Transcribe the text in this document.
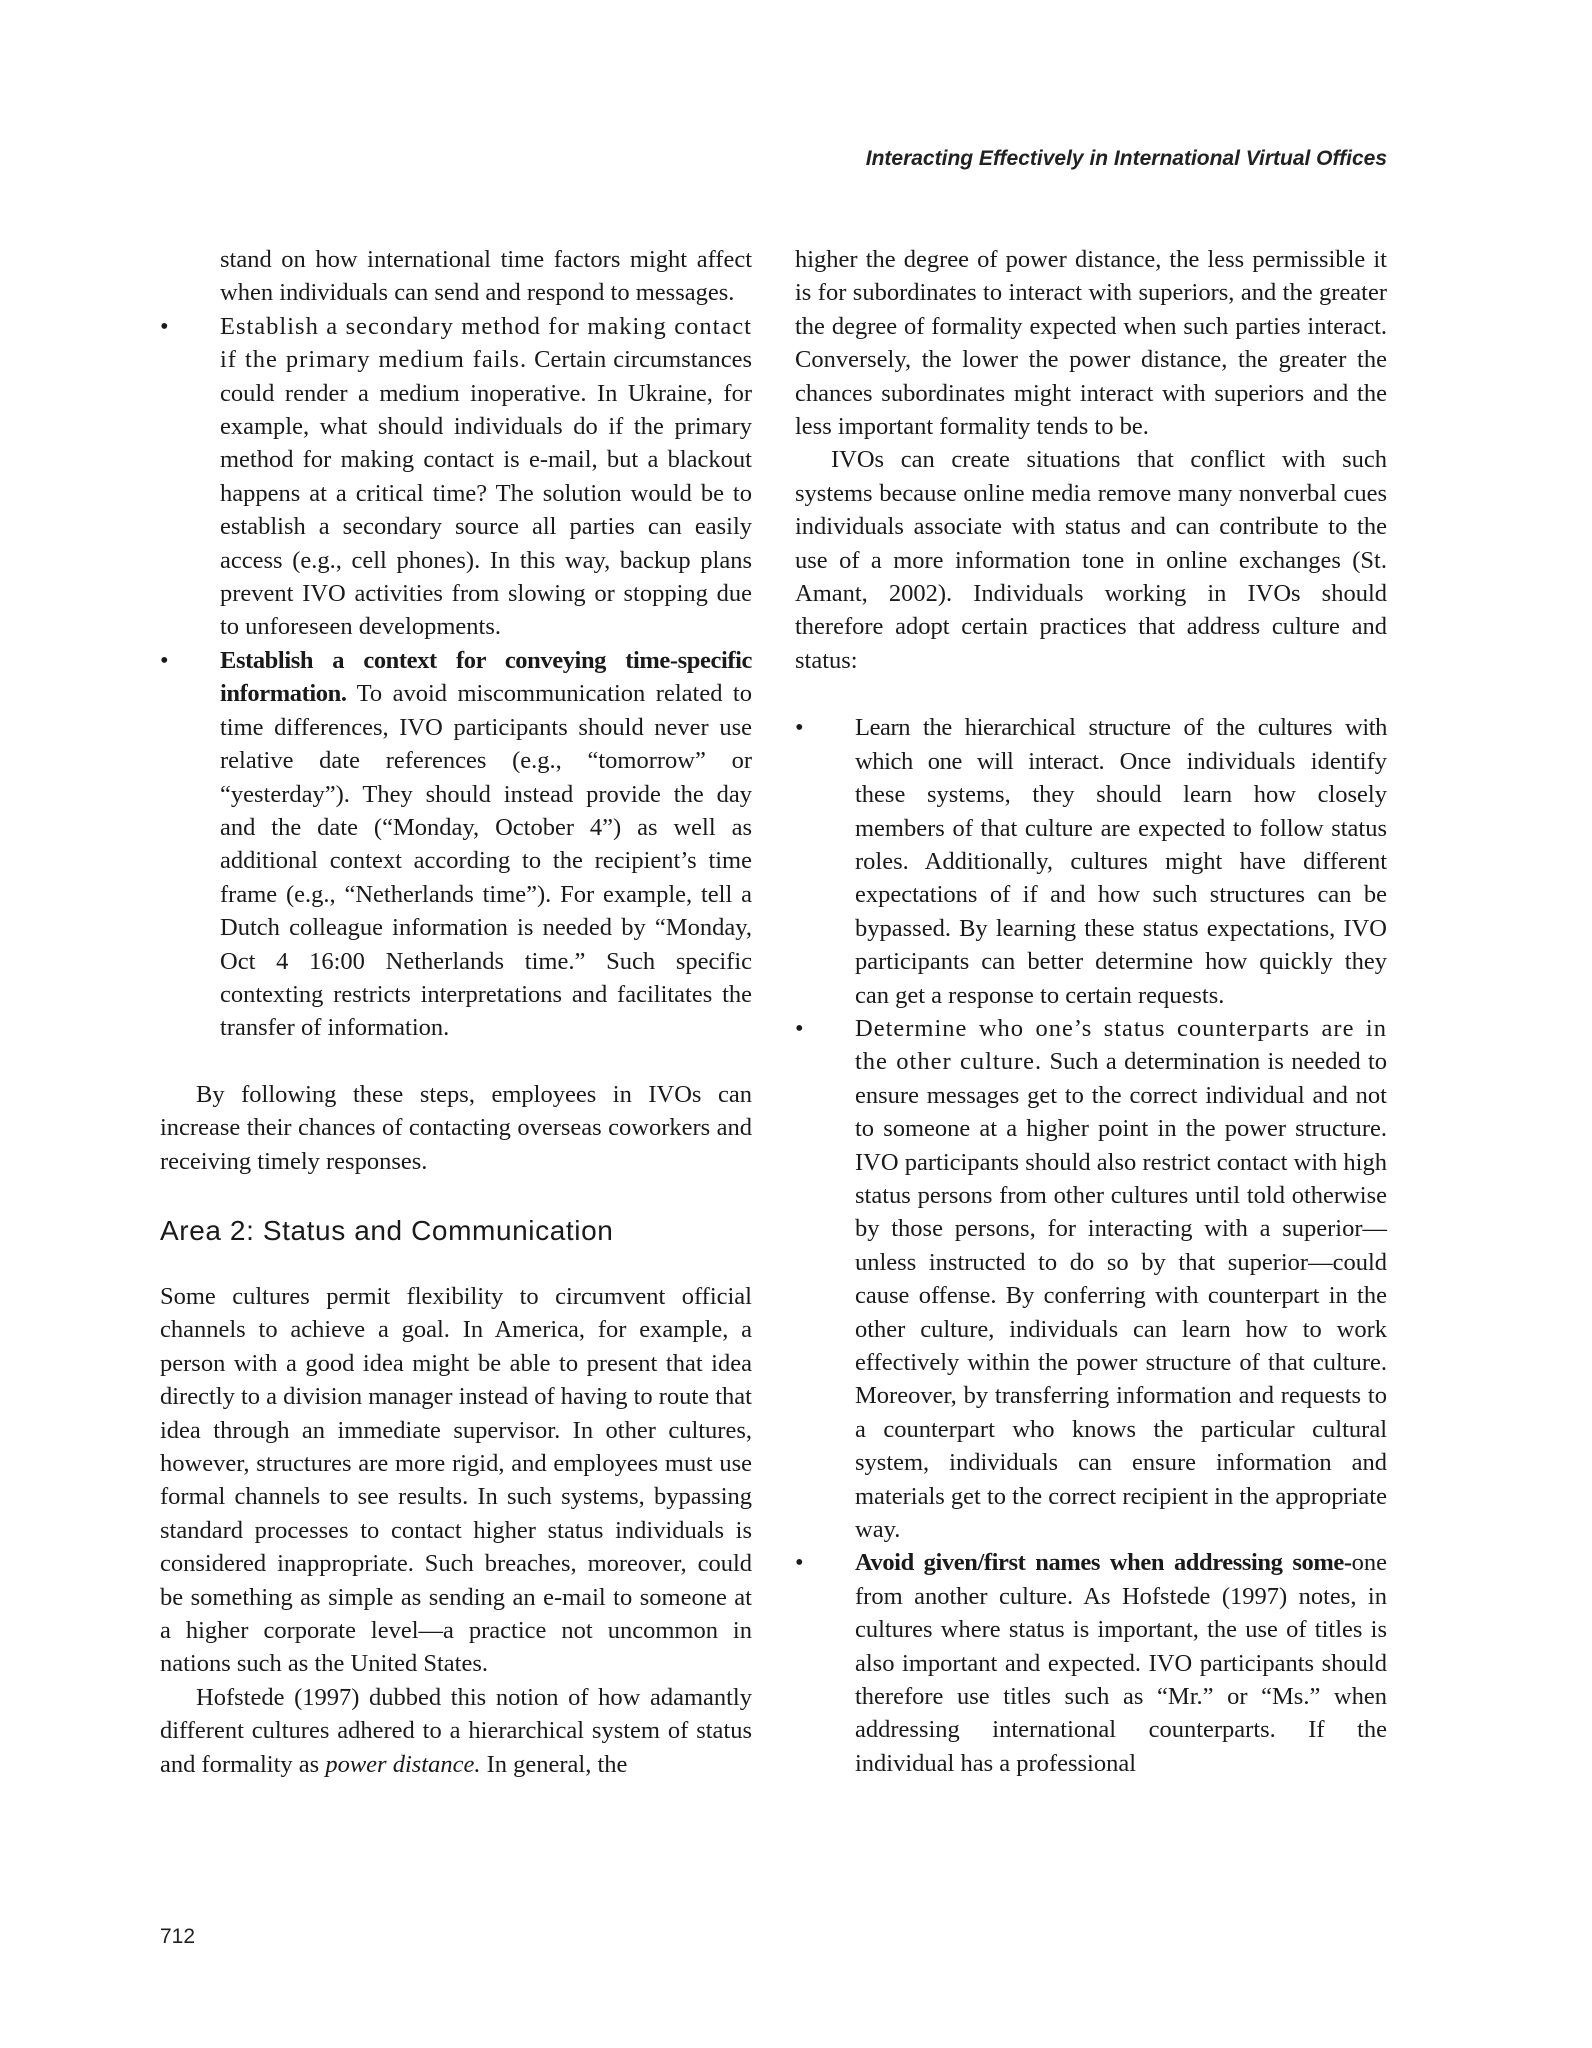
Interacting Effectively in International Virtual Offices

stand on how international time factors might affect when individuals can send and respond to messages.

•	Establish a secondary method for making contact if the primary medium fails. Certain circumstances could render a medium inoperative. In Ukraine, for example, what should individuals do if the primary method for making contact is e-mail, but a blackout happens at a critical time? The solution would be to establish a secondary source all parties can easily access (e.g., cell phones). In this way, backup plans prevent IVO activities from slowing or stopping due to unforeseen developments.
•	Establish a context for conveying time-specific information. To avoid miscommunication related to time differences, IVO participants should never use relative date references (e.g., “tomorrow” or “yesterday”). They should instead provide the day and the date (“Monday, October 4”) as well as additional context according to the recipient’s time frame (e.g., “Netherlands time”). For example, tell a Dutch colleague information is needed by “Monday, Oct 4 16:00 Netherlands time.” Such specific contexting restricts interpretations and facilitates the transfer of information.

By following these steps, employees in IVOs can increase their chances of contacting overseas coworkers and receiving timely responses.

Area 2: Status and Communication

Some cultures permit flexibility to circumvent official channels to achieve a goal. In America, for example, a person with a good idea might be able to present that idea directly to a division manager instead of having to route that idea through an immediate supervisor. In other cultures, however, structures are more rigid, and employees must use formal channels to see results. In such systems, bypassing standard processes to contact higher status individuals is considered inappropriate. Such breaches, moreover, could be something as simple as sending an e-mail to someone at a higher corporate level—a practice not uncommon in nations such as the United States.

Hofstede (1997) dubbed this notion of how adamantly different cultures adhered to a hierarchical system of status and formality as power distance. In general, the

higher the degree of power distance, the less permissible it is for subordinates to interact with superiors, and the greater the degree of formality expected when such parties interact. Conversely, the lower the power distance, the greater the chances subordinates might interact with superiors and the less important formality tends to be.

IVOs can create situations that conflict with such systems because online media remove many nonverbal cues individuals associate with status and can contribute to the use of a more information tone in online exchanges (St. Amant, 2002). Individuals working in IVOs should therefore adopt certain practices that address culture and status:

•	Learn the hierarchical structure of the cultures with which one will interact. Once individuals identify these systems, they should learn how closely members of that culture are expected to follow status roles. Additionally, cultures might have different expectations of if and how such structures can be bypassed. By learning these status expectations, IVO participants can better determine how quickly they can get a response to certain requests.
•	Determine who one’s status counterparts are in the other culture. Such a determination is needed to ensure messages get to the correct individual and not to someone at a higher point in the power structure. IVO participants should also restrict contact with high status persons from other cultures until told otherwise by those persons, for interacting with a superior—unless instructed to do so by that superior—could cause offense. By conferring with counterpart in the other culture, individuals can learn how to work effectively within the power structure of that culture. Moreover, by transferring information and requests to a counterpart who knows the particular cultural system, individuals can ensure information and materials get to the correct recipient in the appropriate way.
•	Avoid given/first names when addressing some-one from another culture. As Hofstede (1997) notes, in cultures where status is important, the use of titles is also important and expected. IVO participants should therefore use titles such as “Mr.” or “Ms.” when addressing international counterparts. If the individual has a professional
712
